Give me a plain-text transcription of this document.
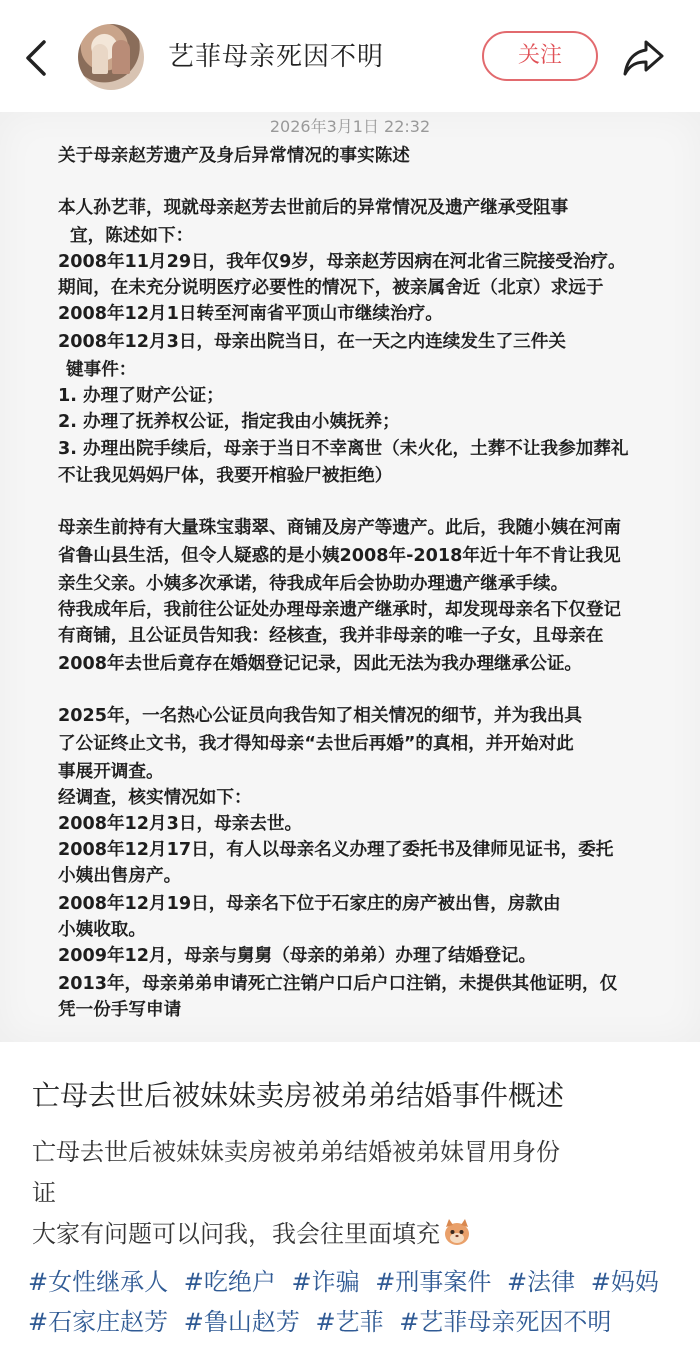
艺菲母亲死因不明	关注
2026年3月1日 22:32
关于母亲赵芳遗产及身后异常情况的事实陈述
本人孙艺菲，现就母亲赵芳去世前后的异常情况及遗产继承受阻事
宜，陈述如下：
2008年11月29日，我年仅9岁，母亲赵芳因病在河北省三院接受治疗。
期间，在未充分说明医疗必要性的情况下，被亲属舍近（北京）求远于
2008年12月1日转至河南省平顶山市继续治疗。
2008年12月3日，母亲出院当日，在一天之内连续发生了三件关
键事件：
1. 办理了财产公证；
2. 办理了抚养权公证，指定我由小姨抚养；
3. 办理出院手续后，母亲于当日不幸离世（未火化，土葬不让我参加葬礼
不让我见妈妈尸体，我要开棺验尸被拒绝）
母亲生前持有大量珠宝翡翠、商铺及房产等遗产。此后，我随小姨在河南
省鲁山县生活，但令人疑惑的是小姨2008年-2018年近十年不肯让我见
亲生父亲。小姨多次承诺，待我成年后会协助办理遗产继承手续。
待我成年后，我前往公证处办理母亲遗产继承时，却发现母亲名下仅登记
有商铺，且公证员告知我：经核查，我并非母亲的唯一子女，且母亲在
2008年去世后竟存在婚姻登记记录，因此无法为我办理继承公证。
2025年，一名热心公证员向我告知了相关情况的细节，并为我出具
了公证终止文书，我才得知母亲“去世后再婚”的真相，并开始对此
事展开调查。
经调查，核实情况如下：
2008年12月3日，母亲去世。
2008年12月17日，有人以母亲名义办理了委托书及律师见证书，委托
小姨出售房产。
2008年12月19日，母亲名下位于石家庄的房产被出售，房款由
小姨收取。
2009年12月，母亲与舅舅（母亲的弟弟）办理了结婚登记。
2013年，母亲弟弟申请死亡注销户口后户口注销，未提供其他证明，仅
凭一份手写申请
亡母去世后被妹妹卖房被弟弟结婚事件概述
亡母去世后被妹妹卖房被弟弟结婚被弟妹冒用身份
证
大家有问题可以问我，我会往里面填充
#女性继承人 #吃绝户 #诈骗 #刑事案件 #法律 #妈妈 #石家庄赵芳 #鲁山赵芳 #艺菲 #艺菲母亲死因不明
